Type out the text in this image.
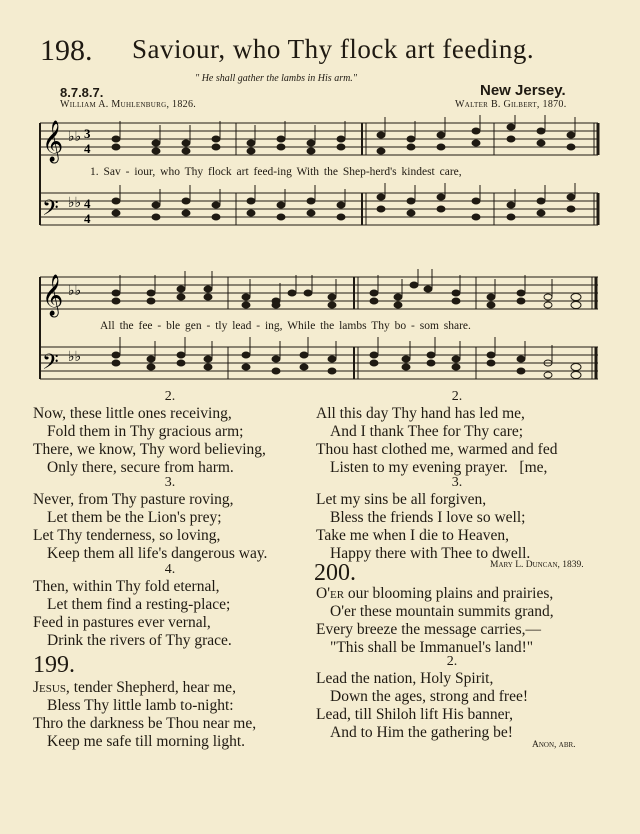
198. Saviour, who Thy flock art feeding.
" He shall gather the lambs in His arm."
8.7.8.7.	New Jersey.
William A. Muhlenburg, 1826.	Walter B. Gilbert, 1870.
𝄞
𝄢
♭♭
♭♭
3
4
4
4
1. Sav - iour, who Thy flock art feed-ing With the Shep-herd's kindest care,
𝄞
𝄢
♭♭
♭♭
All the fee - ble gen - tly lead - ing, While the lambs Thy bo - som share.
2.
Now, these little ones receiving,
Fold them in Thy gracious arm;
There, we know, Thy word believing,
Only there, secure from harm.
3.
Never, from Thy pasture roving,
Let them be the Lion's prey;
Let Thy tenderness, so loving,
Keep them all life's dangerous way.
4.
Then, within Thy fold eternal,
Let them find a resting-place;
Feed in pastures ever vernal,
Drink the rivers of Thy grace.
199.
Jesus, tender Shepherd, hear me,
Bless Thy little lamb to-night:
Thro the darkness be Thou near me,
Keep me safe till morning light.
2.
All this day Thy hand has led me,
And I thank Thee for Thy care;
Thou hast clothed me, warmed and fed
Listen to my evening prayer. [me,
3.
Let my sins be all forgiven,
Bless the friends I love so well;
Take me when I die to Heaven,
Happy there with Thee to dwell.
Mary L. Duncan, 1839.
200.
O'er our blooming plains and prairies,
O'er these mountain summits grand,
Every breeze the message carries,—
"This shall be Immanuel's land!"
2.
Lead the nation, Holy Spirit,
Down the ages, strong and free!
Lead, till Shiloh lift His banner,
And to Him the gathering be!
Anon, abr.
